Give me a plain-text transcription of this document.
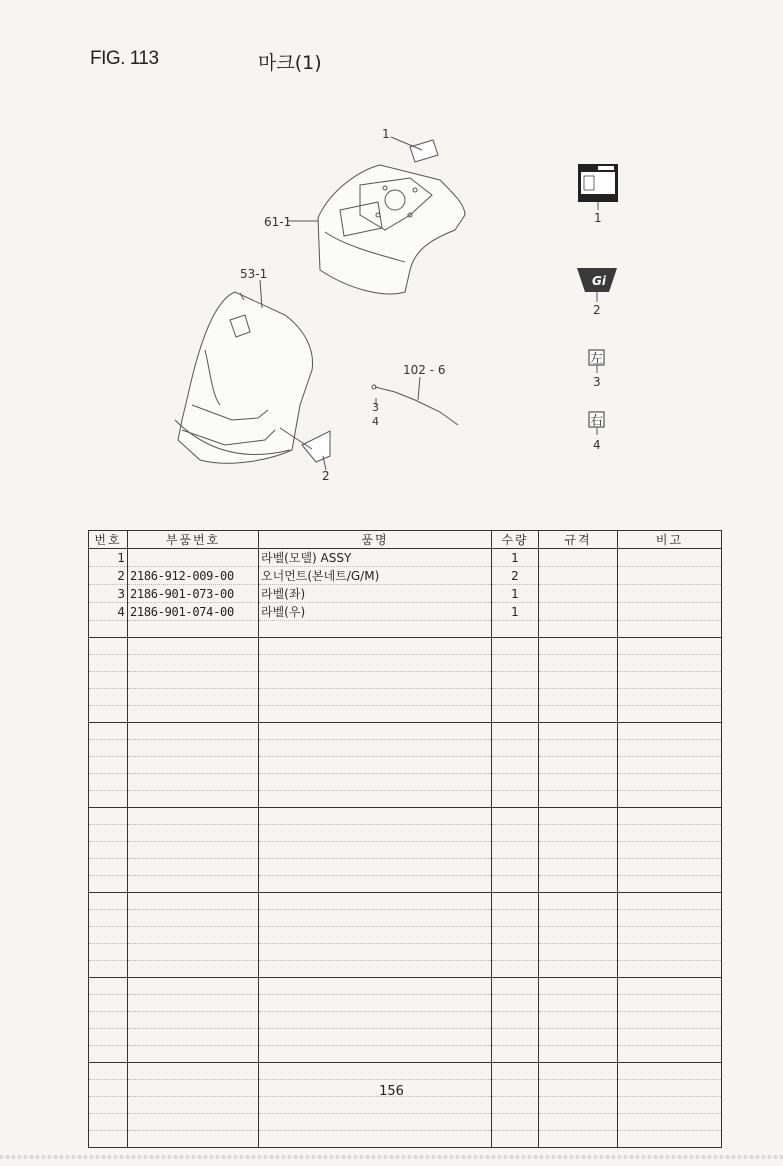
FIG. 113	마크(1)
1
61-1
53-1
102 - 6
3
4
2
1
Gi
2
左
3
右
4
번호	부품번호	품명	수량	규격	비고
1		라벨(모델) ASSY	1		
2	2186-912-009-00	오너먼트(본네트/G/M)	2		
3	2186-901-073-00	라벨(좌)	1		
4	2186-901-074-00	라벨(우)	1		

156
